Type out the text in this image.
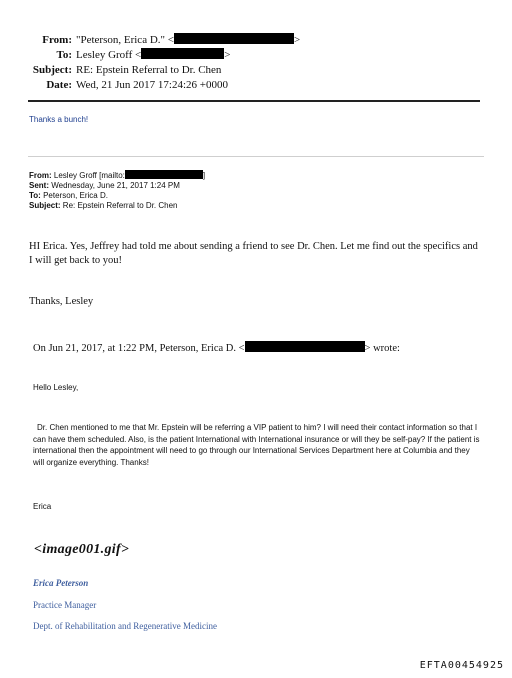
From: "Peterson, Erica D." <	>
To: Lesley Groff <	>
Subject: RE: Epstein Referral to Dr. Chen
Date: Wed, 21 Jun 2017 17:24:26 +0000
Thanks a bunch!
From: Lesley Groff [mailto:	]
Sent: Wednesday, June 21, 2017 1:24 PM
To: Peterson, Erica D.
Subject: Re: Epstein Referral to Dr. Chen
HI Erica. Yes, Jeffrey had told me about sending a friend to see Dr. Chen. Let me find out the specifics and I will get back to you!
Thanks, Lesley
On Jun 21, 2017, at 1:22 PM, Peterson, Erica D. <	> wrote:
Hello Lesley,
Dr. Chen mentioned to me that Mr. Epstein will be referring a VIP patient to him? I will need their contact information so that I can have them scheduled. Also, is the patient International with International insurance or will they be self-pay? If the patient is international then the appointment will need to go through our International Services Department here at Columbia and they will organize everything. Thanks!
Erica
<image001.gif>
Erica Peterson
Practice Manager
Dept. of Rehabilitation and Regenerative Medicine
EFTA00454925
